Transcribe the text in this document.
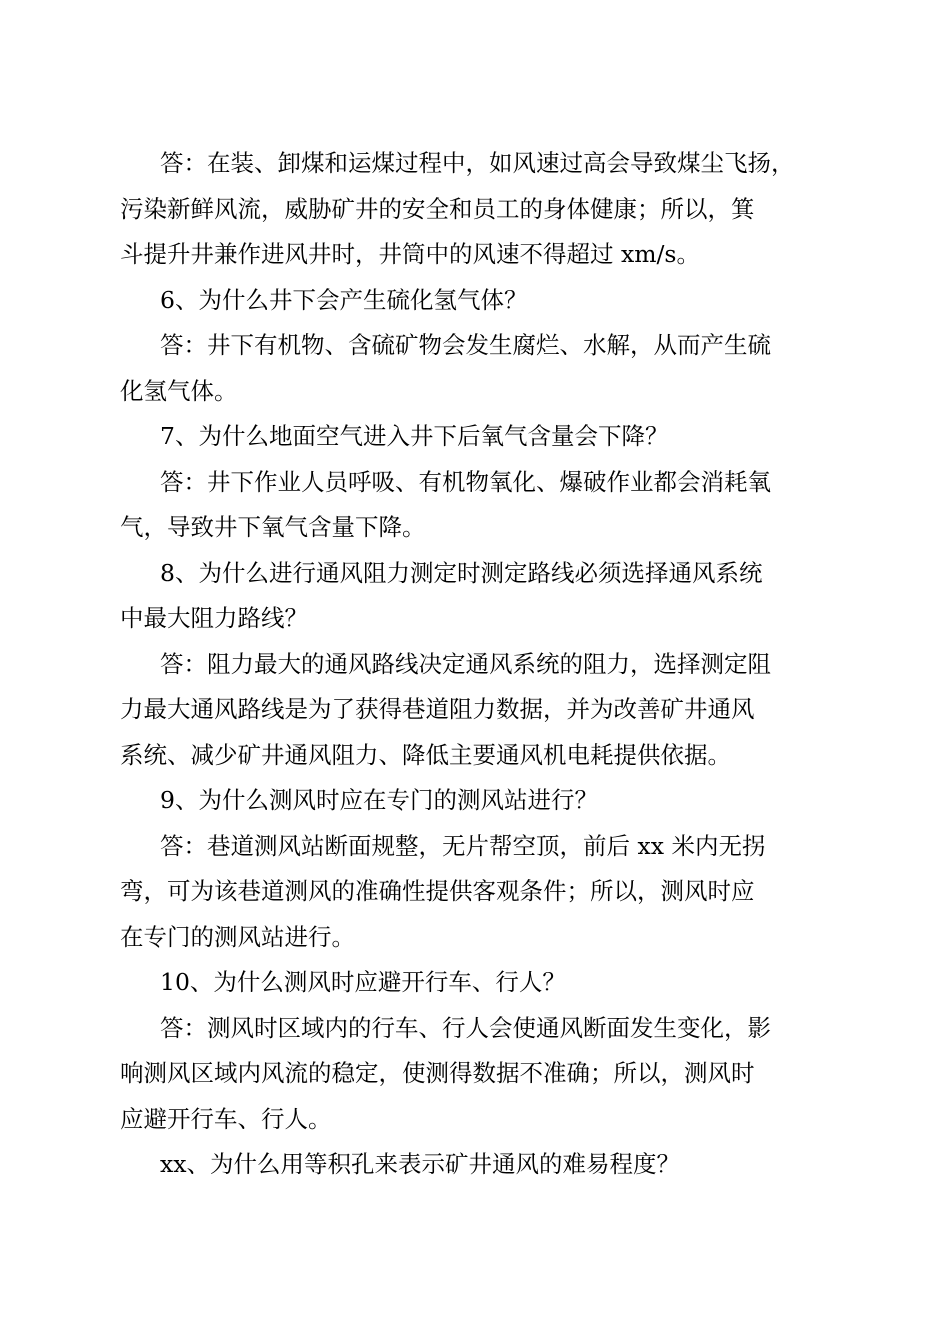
答：在装、卸煤和运煤过程中，如风速过高会导致煤尘飞扬，
污染新鲜风流，威胁矿井的安全和员工的身体健康；所以，箕
斗提升井兼作进风井时，井筒中的风速不得超过 xm/s。

6、为什么井下会产生硫化氢气体？

答：井下有机物、含硫矿物会发生腐烂、水解，从而产生硫
化氢气体。

7、为什么地面空气进入井下后氧气含量会下降？

答：井下作业人员呼吸、有机物氧化、爆破作业都会消耗氧
气，导致井下氧气含量下降。

8、为什么进行通风阻力测定时测定路线必须选择通风系统
中最大阻力路线？

答：阻力最大的通风路线决定通风系统的阻力，选择测定阻
力最大通风路线是为了获得巷道阻力数据，并为改善矿井通风
系统、减少矿井通风阻力、降低主要通风机电耗提供依据。

9、为什么测风时应在专门的测风站进行？

答：巷道测风站断面规整，无片帮空顶，前后 xx 米内无拐
弯，可为该巷道测风的准确性提供客观条件；所以，测风时应
在专门的测风站进行。

10、为什么测风时应避开行车、行人？

答：测风时区域内的行车、行人会使通风断面发生变化，影
响测风区域内风流的稳定，使测得数据不准确；所以，测风时
应避开行车、行人。

xx、为什么用等积孔来表示矿井通风的难易程度？
